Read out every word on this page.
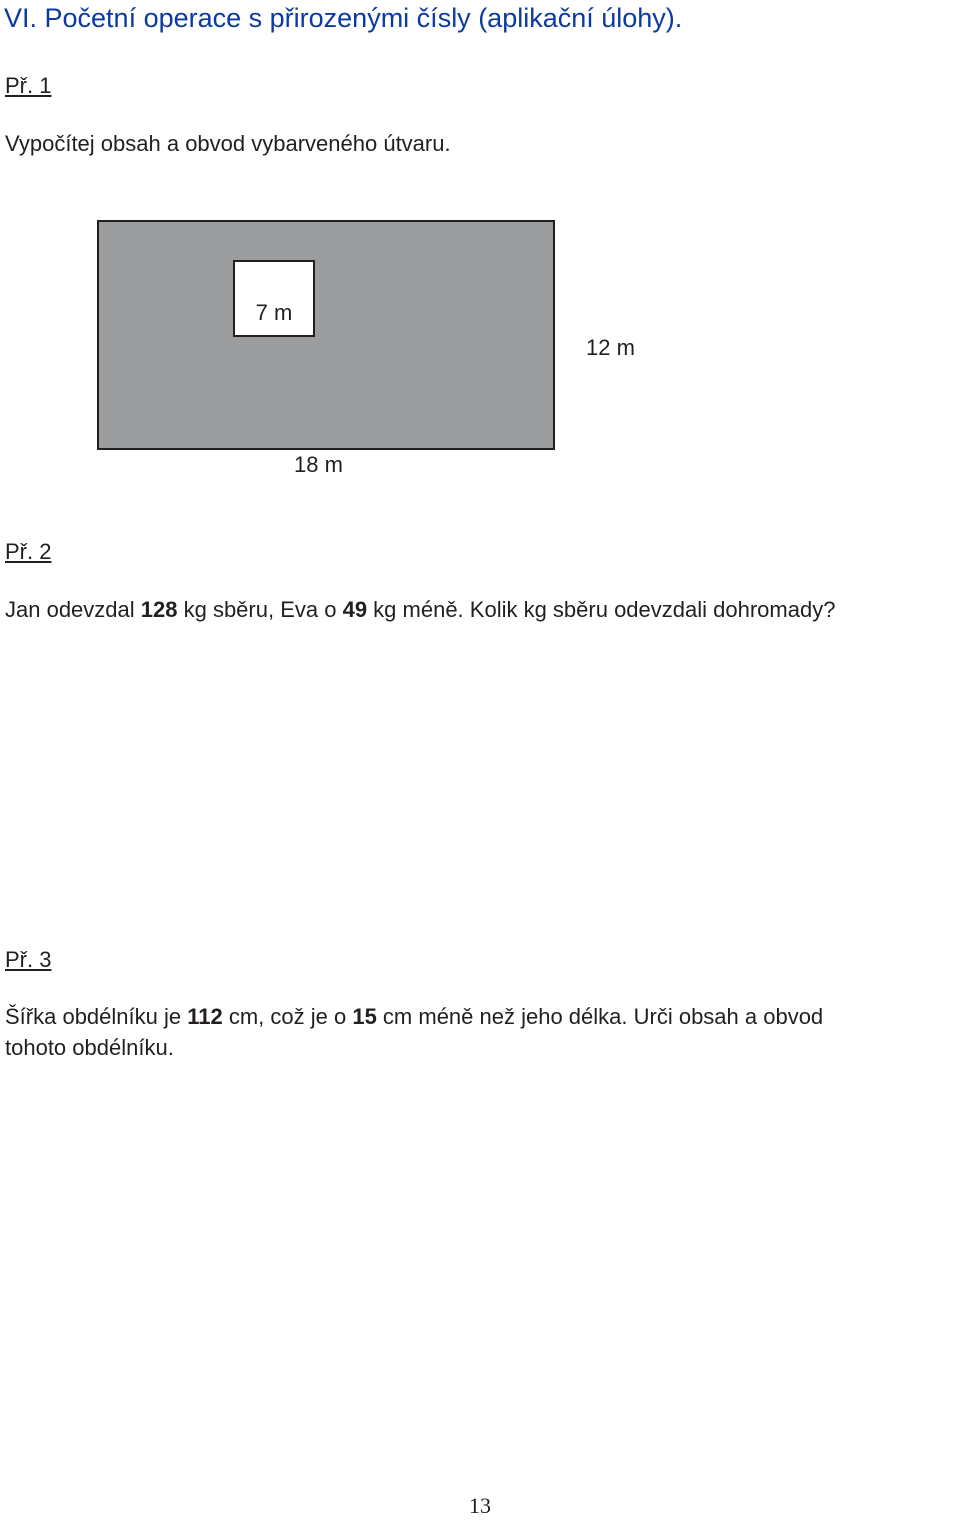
VI. Početní operace s přirozenými čísly (aplikační úlohy).
Př. 1
Vypočítej obsah a obvod vybarveného útvaru.
7 m
12 m
18 m
Př. 2
Jan odevzdal 128 kg sběru, Eva o 49 kg méně. Kolik kg sběru odevzdali dohromady?
Př. 3
Šířka obdélníku je 112 cm, což je o 15 cm méně než jeho délka. Urči obsah a obvod
tohoto obdélníku.
13
